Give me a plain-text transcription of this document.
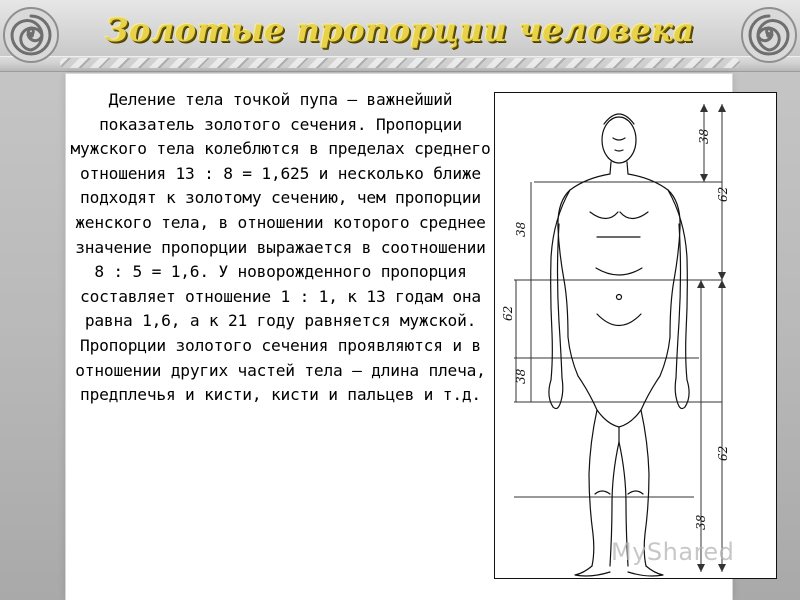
Золотые пропорции человека

Деление тела точкой пупа – важнейший показатель золотого сечения. Пропорции мужского тела колеблются в пределах среднего отношения 13 : 8 = 1,625 и несколько ближе подходят к золотому сечению, чем пропорции женского тела, в отношении которого среднее значение пропорции выражается в соотношении 8 : 5 = 1,6. У новорожденного пропорция составляет отношение 1 : 1, к 13 годам она равна 1,6, а к 21 году равняется мужской. Пропорции золотого сечения проявляются и в отношении других частей тела – длина плеча, предплечья и кисти, кисти и пальцев и т.д.

38
62
38
62
38
38
62
MyShared
